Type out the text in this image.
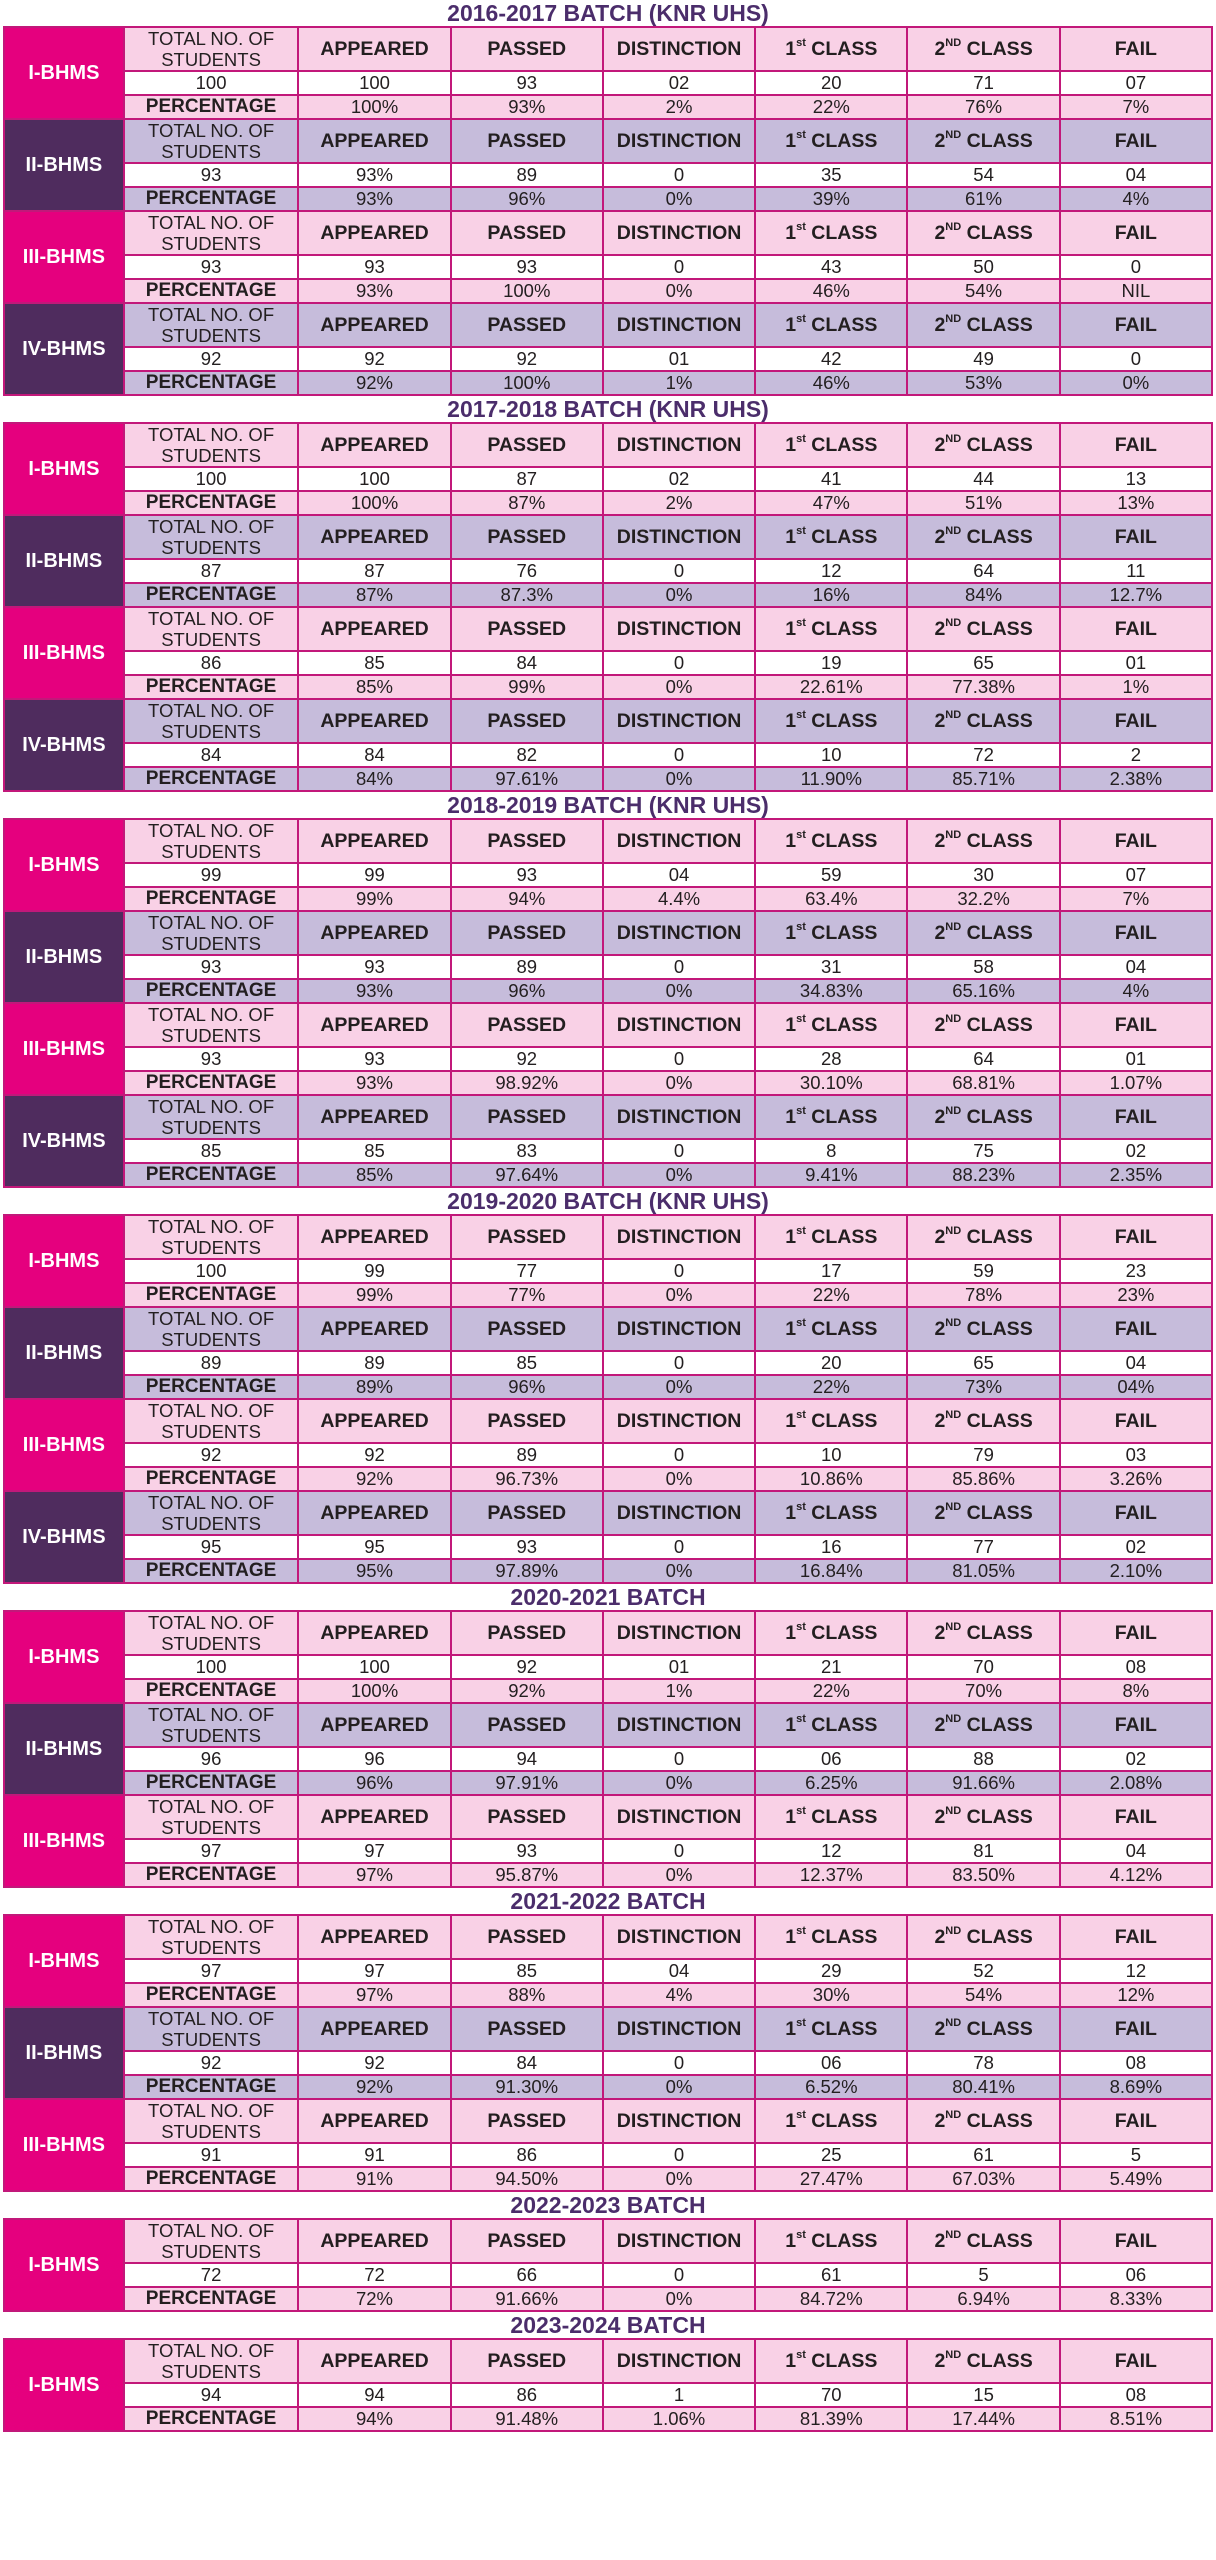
2016-2017 BATCH (KNR UHS)
I-BHMS	TOTAL NO. OF STUDENTS	APPEARED	PASSED	DISTINCTION	1st CLASS	2ND CLASS	FAIL
	100	100	93	02	20	71	07
	PERCENTAGE	100%	93%	2%	22%	76%	7%
II-BHMS	TOTAL NO. OF STUDENTS	APPEARED	PASSED	DISTINCTION	1st CLASS	2ND CLASS	FAIL
	93	93%	89	0	35	54	04
	PERCENTAGE	93%	96%	0%	39%	61%	4%
III-BHMS	TOTAL NO. OF STUDENTS	APPEARED	PASSED	DISTINCTION	1st CLASS	2ND CLASS	FAIL
	93	93	93	0	43	50	0
	PERCENTAGE	93%	100%	0%	46%	54%	NIL
IV-BHMS	TOTAL NO. OF STUDENTS	APPEARED	PASSED	DISTINCTION	1st CLASS	2ND CLASS	FAIL
	92	92	92	01	42	49	0
	PERCENTAGE	92%	100%	1%	46%	53%	0%
2017-2018 BATCH (KNR UHS)
I-BHMS	TOTAL NO. OF STUDENTS	APPEARED	PASSED	DISTINCTION	1st CLASS	2ND CLASS	FAIL
	100	100	87	02	41	44	13
	PERCENTAGE	100%	87%	2%	47%	51%	13%
II-BHMS	TOTAL NO. OF STUDENTS	APPEARED	PASSED	DISTINCTION	1st CLASS	2ND CLASS	FAIL
	87	87	76	0	12	64	11
	PERCENTAGE	87%	87.3%	0%	16%	84%	12.7%
III-BHMS	TOTAL NO. OF STUDENTS	APPEARED	PASSED	DISTINCTION	1st CLASS	2ND CLASS	FAIL
	86	85	84	0	19	65	01
	PERCENTAGE	85%	99%	0%	22.61%	77.38%	1%
IV-BHMS	TOTAL NO. OF STUDENTS	APPEARED	PASSED	DISTINCTION	1st CLASS	2ND CLASS	FAIL
	84	84	82	0	10	72	2
	PERCENTAGE	84%	97.61%	0%	11.90%	85.71%	2.38%
2018-2019 BATCH (KNR UHS)
I-BHMS	TOTAL NO. OF STUDENTS	APPEARED	PASSED	DISTINCTION	1st CLASS	2ND CLASS	FAIL
	99	99	93	04	59	30	07
	PERCENTAGE	99%	94%	4.4%	63.4%	32.2%	7%
II-BHMS	TOTAL NO. OF STUDENTS	APPEARED	PASSED	DISTINCTION	1st CLASS	2ND CLASS	FAIL
	93	93	89	0	31	58	04
	PERCENTAGE	93%	96%	0%	34.83%	65.16%	4%
III-BHMS	TOTAL NO. OF STUDENTS	APPEARED	PASSED	DISTINCTION	1st CLASS	2ND CLASS	FAIL
	93	93	92	0	28	64	01
	PERCENTAGE	93%	98.92%	0%	30.10%	68.81%	1.07%
IV-BHMS	TOTAL NO. OF STUDENTS	APPEARED	PASSED	DISTINCTION	1st CLASS	2ND CLASS	FAIL
	85	85	83	0	8	75	02
	PERCENTAGE	85%	97.64%	0%	9.41%	88.23%	2.35%
2019-2020 BATCH (KNR UHS)
I-BHMS	TOTAL NO. OF STUDENTS	APPEARED	PASSED	DISTINCTION	1st CLASS	2ND CLASS	FAIL
	100	99	77	0	17	59	23
	PERCENTAGE	99%	77%	0%	22%	78%	23%
II-BHMS	TOTAL NO. OF STUDENTS	APPEARED	PASSED	DISTINCTION	1st CLASS	2ND CLASS	FAIL
	89	89	85	0	20	65	04
	PERCENTAGE	89%	96%	0%	22%	73%	04%
III-BHMS	TOTAL NO. OF STUDENTS	APPEARED	PASSED	DISTINCTION	1st CLASS	2ND CLASS	FAIL
	92	92	89	0	10	79	03
	PERCENTAGE	92%	96.73%	0%	10.86%	85.86%	3.26%
IV-BHMS	TOTAL NO. OF STUDENTS	APPEARED	PASSED	DISTINCTION	1st CLASS	2ND CLASS	FAIL
	95	95	93	0	16	77	02
	PERCENTAGE	95%	97.89%	0%	16.84%	81.05%	2.10%
2020-2021 BATCH
I-BHMS	TOTAL NO. OF STUDENTS	APPEARED	PASSED	DISTINCTION	1st CLASS	2ND CLASS	FAIL
	100	100	92	01	21	70	08
	PERCENTAGE	100%	92%	1%	22%	70%	8%
II-BHMS	TOTAL NO. OF STUDENTS	APPEARED	PASSED	DISTINCTION	1st CLASS	2ND CLASS	FAIL
	96	96	94	0	06	88	02
	PERCENTAGE	96%	97.91%	0%	6.25%	91.66%	2.08%
III-BHMS	TOTAL NO. OF STUDENTS	APPEARED	PASSED	DISTINCTION	1st CLASS	2ND CLASS	FAIL
	97	97	93	0	12	81	04
	PERCENTAGE	97%	95.87%	0%	12.37%	83.50%	4.12%
2021-2022 BATCH
I-BHMS	TOTAL NO. OF STUDENTS	APPEARED	PASSED	DISTINCTION	1st CLASS	2ND CLASS	FAIL
	97	97	85	04	29	52	12
	PERCENTAGE	97%	88%	4%	30%	54%	12%
II-BHMS	TOTAL NO. OF STUDENTS	APPEARED	PASSED	DISTINCTION	1st CLASS	2ND CLASS	FAIL
	92	92	84	0	06	78	08
	PERCENTAGE	92%	91.30%	0%	6.52%	80.41%	8.69%
III-BHMS	TOTAL NO. OF STUDENTS	APPEARED	PASSED	DISTINCTION	1st CLASS	2ND CLASS	FAIL
	91	91	86	0	25	61	5
	PERCENTAGE	91%	94.50%	0%	27.47%	67.03%	5.49%
2022-2023 BATCH
I-BHMS	TOTAL NO. OF STUDENTS	APPEARED	PASSED	DISTINCTION	1st CLASS	2ND CLASS	FAIL
	72	72	66	0	61	5	06
	PERCENTAGE	72%	91.66%	0%	84.72%	6.94%	8.33%
2023-2024 BATCH
I-BHMS	TOTAL NO. OF STUDENTS	APPEARED	PASSED	DISTINCTION	1st CLASS	2ND CLASS	FAIL
	94	94	86	1	70	15	08
	PERCENTAGE	94%	91.48%	1.06%	81.39%	17.44%	8.51%
